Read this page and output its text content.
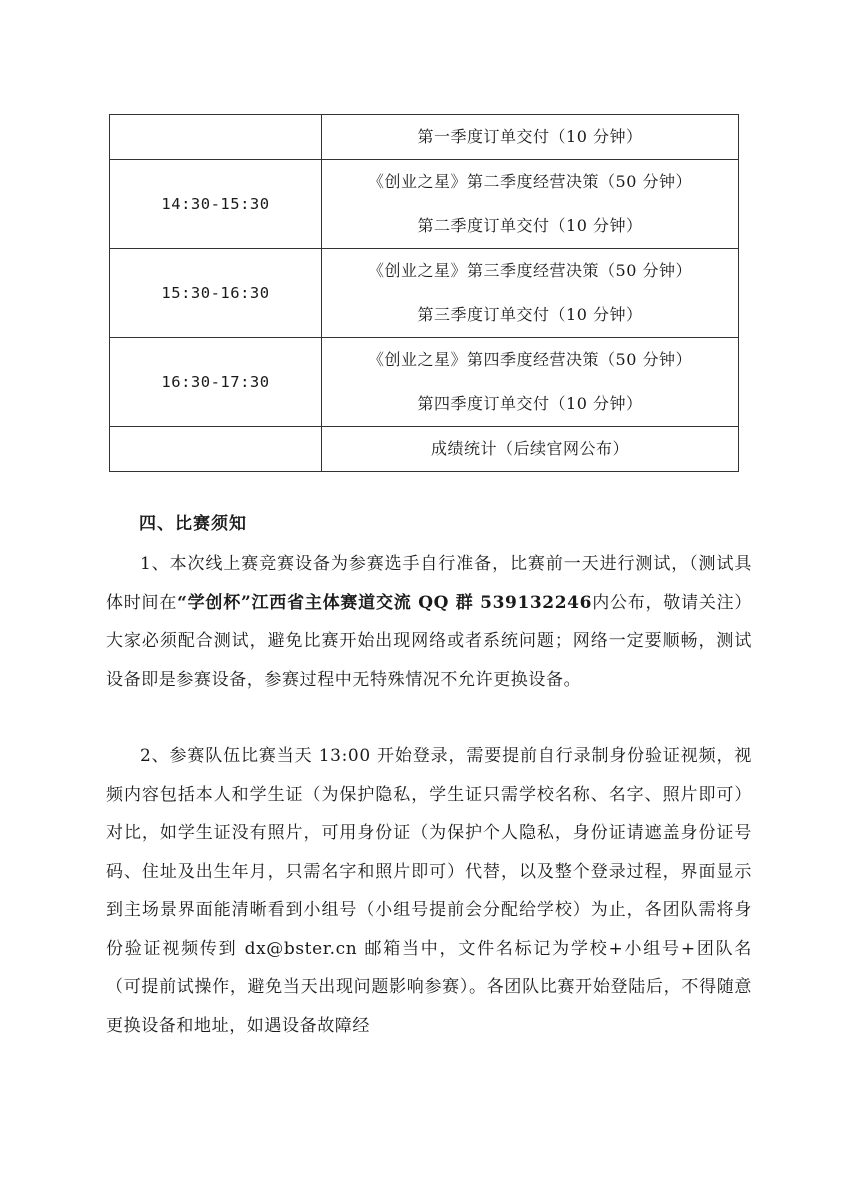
	第一季度订单交付（10 分钟）

14:30-15:30	《创业之星》第二季度经营决策（50 分钟）
第二季度订单交付（10 分钟）

15:30-16:30	《创业之星》第三季度经营决策（50 分钟）
第三季度订单交付（10 分钟）

16:30-17:30	《创业之星》第四季度经营决策（50 分钟）
第四季度订单交付（10 分钟）

	成绩统计（后续官网公布）
四、比赛须知
1、本次线上赛竞赛设备为参赛选手自行准备，比赛前一天进行测试，（测试具体时间在“学创杯”江西省主体赛道交流 QQ 群 539132246内公布，敬请关注）大家必须配合测试，避免比赛开始出现网络或者系统问题；网络一定要顺畅，测试设备即是参赛设备，参赛过程中无特殊情况不允许更换设备。
2、参赛队伍比赛当天 13:00 开始登录，需要提前自行录制身份验证视频，视频内容包括本人和学生证（为保护隐私，学生证只需学校名称、名字、照片即可）对比，如学生证没有照片，可用身份证（为保护个人隐私，身份证请遮盖身份证号码、住址及出生年月，只需名字和照片即可）代替，以及整个登录过程，界面显示到主场景界面能清晰看到小组号（小组号提前会分配给学校）为止，各团队需将身份验证视频传到 dx@bster.cn 邮箱当中，文件名标记为学校+小组号+团队名（可提前试操作，避免当天出现问题影响参赛）。各团队比赛开始登陆后，不得随意更换设备和地址，如遇设备故障经
